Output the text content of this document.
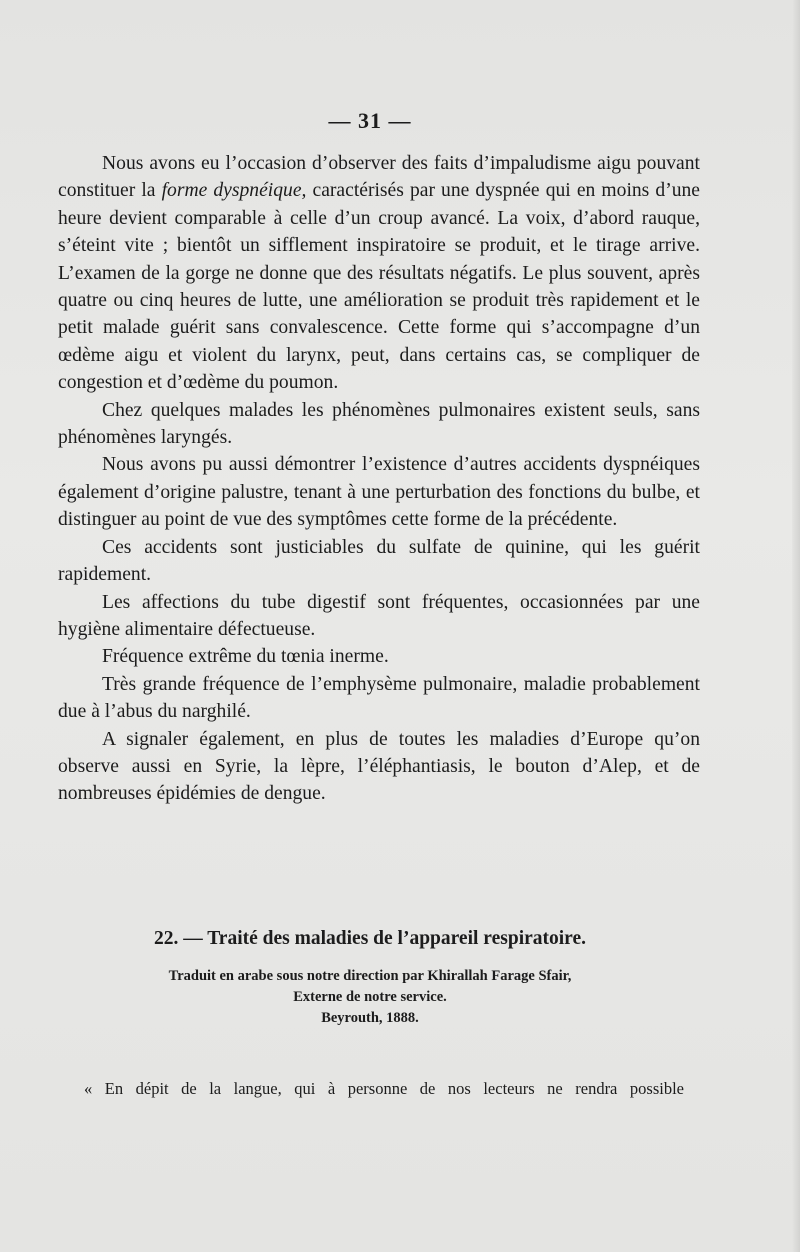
— 31 —

Nous avons eu l’occasion d’observer des faits d’impaludisme aigu pouvant constituer la forme dyspnéique, caractérisés par une dyspnée qui en moins d’une heure devient comparable à celle d’un croup avancé. La voix, d’abord rauque, s’éteint vite ; bientôt un sifflement inspiratoire se produit, et le tirage arrive. L’examen de la gorge ne donne que des résultats négatifs. Le plus souvent, après quatre ou cinq heures de lutte, une amélioration se produit très rapidement et le petit malade guérit sans convalescence. Cette forme qui s’accompagne d’un œdème aigu et violent du larynx, peut, dans certains cas, se compliquer de congestion et d’œdème du poumon.

Chez quelques malades les phénomènes pulmonaires existent seuls, sans phénomènes laryngés.

Nous avons pu aussi démontrer l’existence d’autres accidents dyspnéiques également d’origine palustre, tenant à une perturbation des fonctions du bulbe, et distinguer au point de vue des symptômes cette forme de la précédente.

Ces accidents sont justiciables du sulfate de quinine, qui les guérit rapidement.

Les affections du tube digestif sont fréquentes, occasionnées par une hygiène alimentaire défectueuse.

Fréquence extrême du tœnia inerme.

Très grande fréquence de l’emphysème pulmonaire, maladie probablement due à l’abus du narghilé.

A signaler également, en plus de toutes les maladies d’Europe qu’on observe aussi en Syrie, la lèpre, l’éléphantiasis, le bouton d’Alep, et de nombreuses épidémies de dengue.

22. — Traité des maladies de l’appareil respiratoire.
Traduit en arabe sous notre direction par Khirallah Farage Sfair,
Externe de notre service.
Beyrouth, 1888.
« En dépit de la langue, qui à personne de nos lecteurs ne rendra possible
